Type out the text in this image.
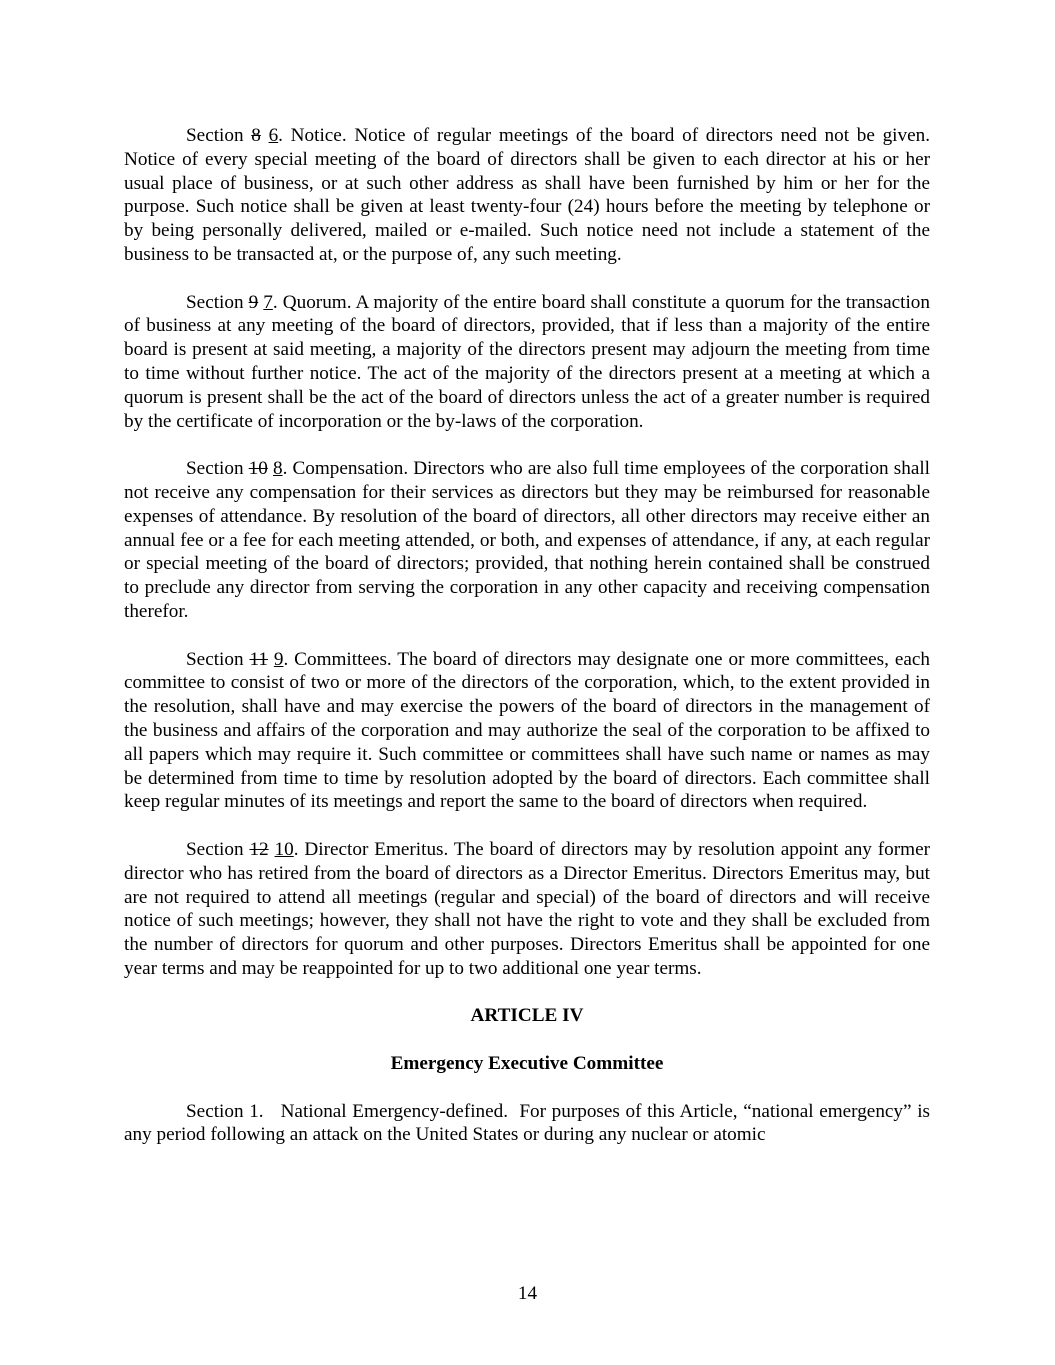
Section 8 6. Notice. Notice of regular meetings of the board of directors need not be given. Notice of every special meeting of the board of directors shall be given to each director at his or her usual place of business, or at such other address as shall have been furnished by him or her for the purpose. Such notice shall be given at least twenty-four (24) hours before the meeting by telephone or by being personally delivered, mailed or e-mailed. Such notice need not include a statement of the business to be transacted at, or the purpose of, any such meeting.

Section 9 7. Quorum. A majority of the entire board shall constitute a quorum for the transaction of business at any meeting of the board of directors, provided, that if less than a majority of the entire board is present at said meeting, a majority of the directors present may adjourn the meeting from time to time without further notice. The act of the majority of the directors present at a meeting at which a quorum is present shall be the act of the board of directors unless the act of a greater number is required by the certificate of incorporation or the by-laws of the corporation.

Section 10 8. Compensation. Directors who are also full time employees of the corporation shall not receive any compensation for their services as directors but they may be reimbursed for reasonable expenses of attendance. By resolution of the board of directors, all other directors may receive either an annual fee or a fee for each meeting attended, or both, and expenses of attendance, if any, at each regular or special meeting of the board of directors; provided, that nothing herein contained shall be construed to preclude any director from serving the corporation in any other capacity and receiving compensation therefor.

Section 11 9. Committees. The board of directors may designate one or more committees, each committee to consist of two or more of the directors of the corporation, which, to the extent provided in the resolution, shall have and may exercise the powers of the board of directors in the management of the business and affairs of the corporation and may authorize the seal of the corporation to be affixed to all papers which may require it. Such committee or committees shall have such name or names as may be determined from time to time by resolution adopted by the board of directors. Each committee shall keep regular minutes of its meetings and report the same to the board of directors when required.

Section 12 10. Director Emeritus. The board of directors may by resolution appoint any former director who has retired from the board of directors as a Director Emeritus. Directors Emeritus may, but are not required to attend all meetings (regular and special) of the board of directors and will receive notice of such meetings; however, they shall not have the right to vote and they shall be excluded from the number of directors for quorum and other purposes. Directors Emeritus shall be appointed for one year terms and may be reappointed for up to two additional one year terms.

ARTICLE IV

Emergency Executive Committee

Section 1.   National Emergency-defined.  For purposes of this Article, “national emergency” is any period following an attack on the United States or during any nuclear or atomic

14
